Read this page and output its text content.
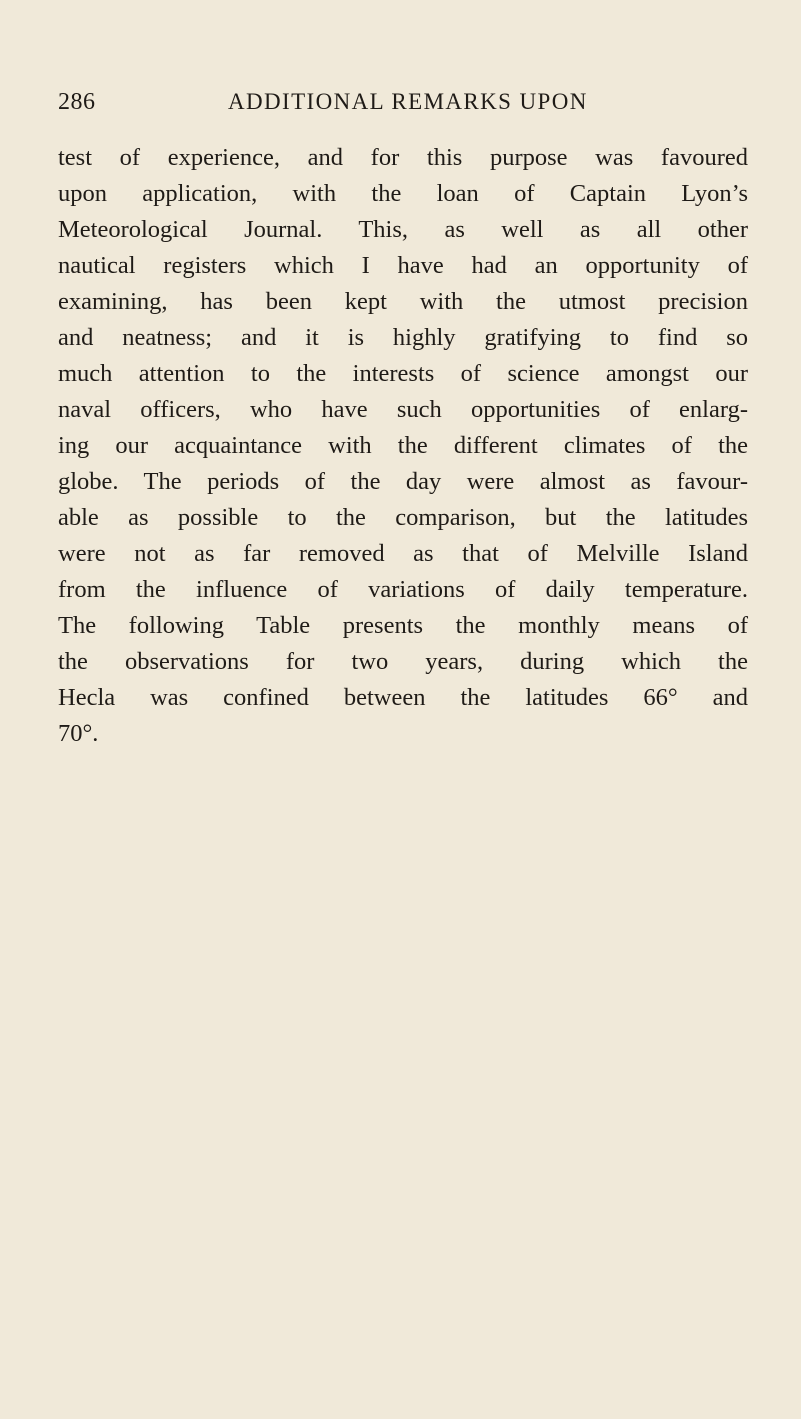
286	ADDITIONAL REMARKS UPON
test of experience, and for this purpose was favoured
upon application, with the loan of Captain Lyon’s
Meteorological Journal. This, as well as all other
nautical registers which I have had an opportunity of
examining, has been kept with the utmost precision
and neatness; and it is highly gratifying to find so
much attention to the interests of science amongst our
naval officers, who have such opportunities of enlarg-
ing our acquaintance with the different climates of the
globe. The periods of the day were almost as favour-
able as possible to the comparison, but the latitudes
were not as far removed as that of Melville Island
from the influence of variations of daily temperature.
The following Table presents the monthly means of
the observations for two years, during which the
Hecla was confined between the latitudes 66° and
70°.
